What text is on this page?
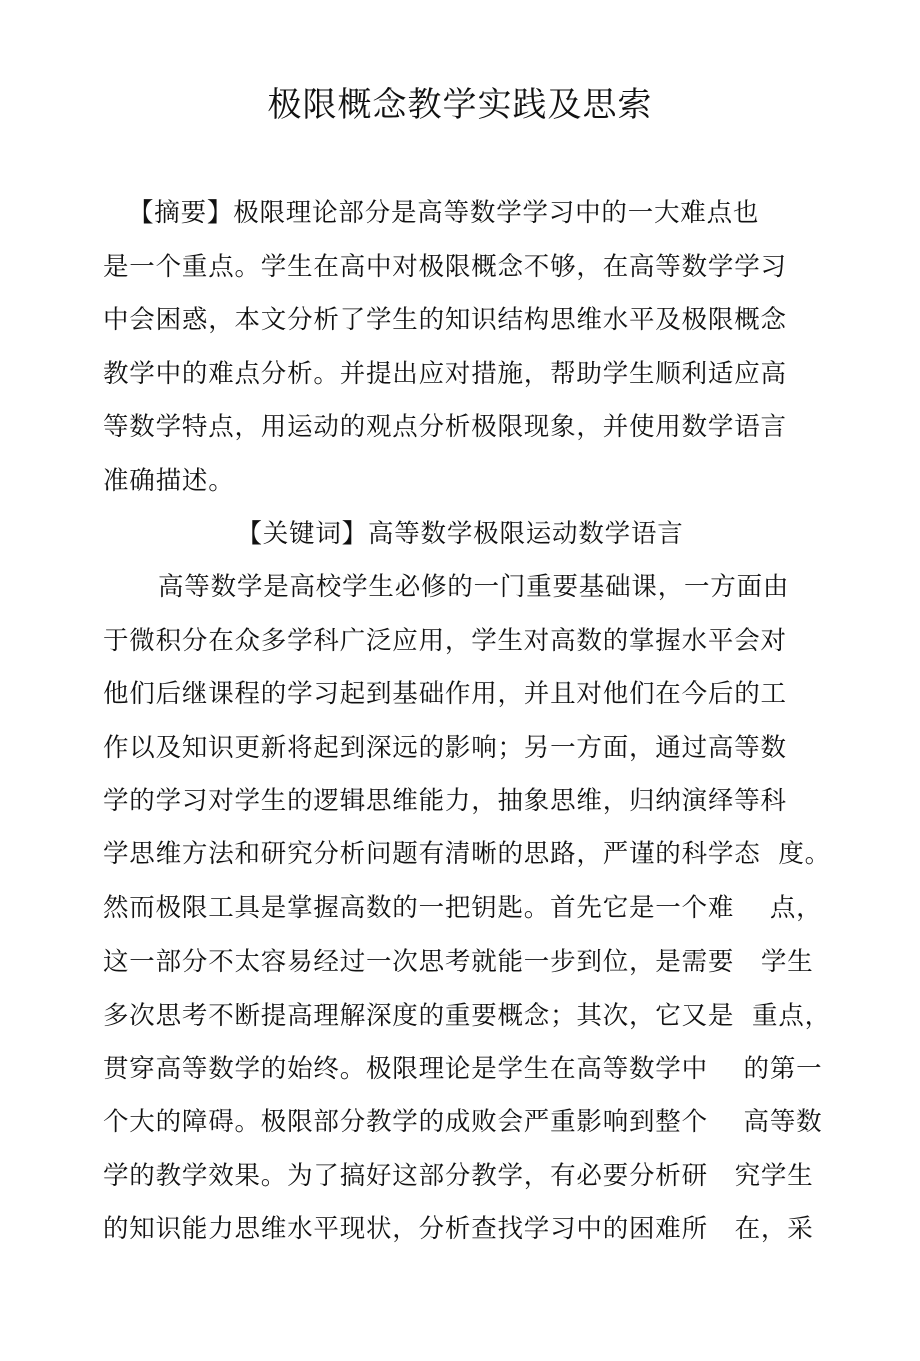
极限概念教学实践及思索
【摘要】极限理论部分是高等数学学习中的一大难点也
是一个重点。学生在高中对极限概念不够，在高等数学学习
中会困惑，本文分析了学生的知识结构思维水平及极限概念
教学中的难点分析。并提出应对措施，帮助学生顺利适应高
等数学特点，用运动的观点分析极限现象，并使用数学语言
准确描述。
【关键词】高等数学极限运动数学语言
高等数学是高校学生必修的一门重要基础课，一方面由
于微积分在众多学科广泛应用，学生对高数的掌握水平会对
他们后继课程的学习起到基础作用，并且对他们在今后的工
作以及知识更新将起到深远的影响；另一方面，通过高等数
学的学习对学生的逻辑思维能力，抽象思维，归纳演绎等科
学思维方法和研究分析问题有清晰的思路，严谨的科学态  度。
然而极限工具是掌握高数的一把钥匙。首先它是一个难    点，
这一部分不太容易经过一次思考就能一步到位，是需要   学生
多次思考不断提高理解深度的重要概念；其次，它又是  重点，
贯穿高等数学的始终。极限理论是学生在高等数学中    的第一
个大的障碍。极限部分教学的成败会严重影响到整个    高等数
学的教学效果。为了搞好这部分教学，有必要分析研   究学生
的知识能力思维水平现状，分析查找学习中的困难所   在，采
